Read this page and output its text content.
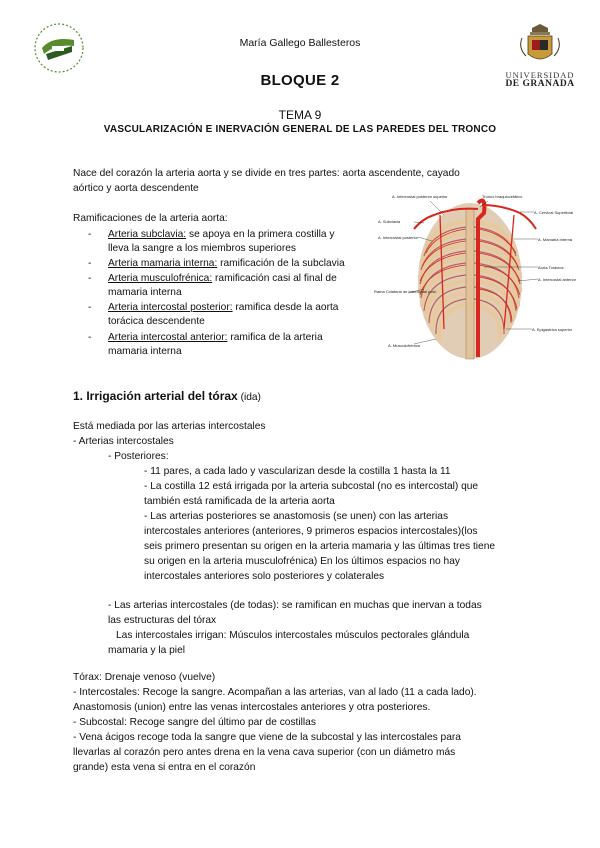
María Gallego Ballesteros
UNIVERSIDAD
DE GRANADA
BLOQUE 2
TEMA 9
VASCULARIZACIÓN E INERVACIÓN GENERAL DE LAS PAREDES DEL TRONCO
Nace del corazón la arteria aorta y se divide en tres partes: aorta ascendente, cayado
aórtico y aorta descendente
Ramificaciones de la arteria aorta:
- Arteria subclavia: se apoya en la primera costilla y
lleva la sangre a los miembros superiores
- Arteria mamaria interna: ramificación de la subclavia
- Arteria musculofrénica: ramificación casi al final de
mamaria interna
- Arteria intercostal posterior: ramifica desde la aorta
torácica descendente
- Arteria intercostal anterior: ramifica de la arteria
mamaria interna
A. Intercostal posterior superior	Tronco braquiocefálico
A. Cervical Superficial
A. Subclavia
A. Intercostal posterior	A. Mamaria Interna
Aorta Torácica
A. Intercostal anterior
Rama Colateral de Intercostal post.
A. Epigástrica superior
A. Musculofrénica
1. Irrigación arterial del tórax (ida)
Está mediada por las arterias intercostales
- Arterias intercostales
- Posteriores:
- 11 pares, a cada lado y vascularizan desde la costilla 1 hasta la 11
- La costilla 12 está irrigada por la arteria subcostal (no es intercostal) que
también está ramificada de la arteria aorta
- Las arterias posteriores se anastomosis (se unen) con las arterias
intercostales anteriores (anteriores, 9 primeros espacios intercostales)(los
seis primero presentan su origen en la arteria mamaria y las últimas tres tiene
su origen en la arteria musculofrénica) En los últimos espacios no hay
intercostales anteriores solo posteriores y colaterales
- Las arterias intercostales (de todas): se ramifican en muchas que inervan a todas
las estructuras del tórax
Las intercostales irrigan: Músculos intercostales músculos pectorales glándula
mamaria y la piel
Tórax: Drenaje venoso (vuelve)
- Intercostales: Recoge la sangre. Acompañan a las arterias, van al lado (11 a cada lado).
Anastomosis (union) entre las venas intercostales anteriores y otra posteriores.
- Subcostal: Recoge sangre del último par de costillas
- Vena ácigos recoge toda la sangre que viene de la subcostal y las intercostales para
llevarlas al corazón pero antes drena en la vena cava superior (con un diámetro más
grande) esta vena si entra en el corazón
